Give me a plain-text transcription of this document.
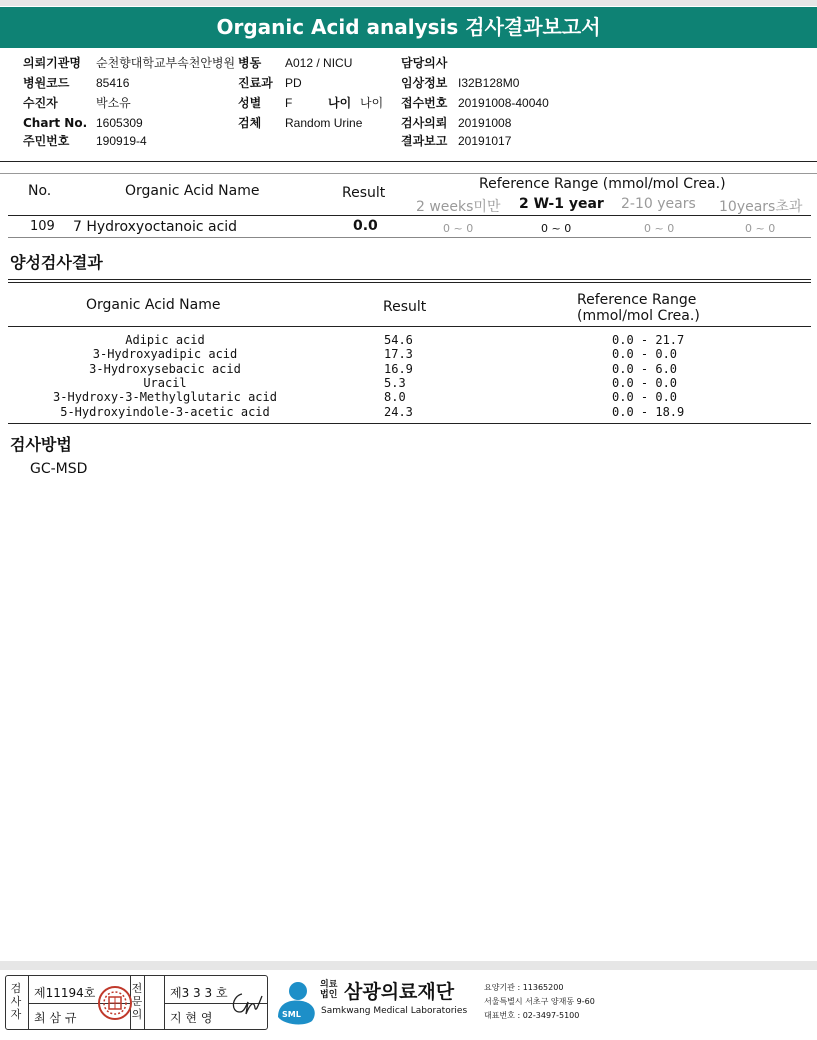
Organic Acid analysis 검사결과보고서
의뢰기관명 순천향대학교부속천안병원 병동 A012 / NICU	담당의사
병원코드 85416	진료과 PD	임상정보 I32B128M0
수진자	박소유	성별 F	나이 나이 접수번호 20191008-40040
Chart No. 1605309	검체 Random Urine	검사의뢰 20191008
주민번호 190919-4	결과보고 20191017
No.	Organic Acid Name	Result
Reference Range (mmol/mol Crea.)
2 weeks미만 2 W-1 year 2-10 years 10years초과
109 7 Hydroxyoctanoic acid	0.0	0 ~ 0	0 ~ 0	0 ~ 0	0 ~ 0
양성검사결과
Organic Acid Name	Result	Reference Range
(mmol/mol Crea.)
Adipic acid	54.6	0.0 - 21.7
3-Hydroxyadipic acid	17.3	0.0 - 0.0
3-Hydroxysebacic acid	16.9	0.0 - 6.0
Uracil	5.3	0.0 - 0.0
3-Hydroxy-3-Methylglutaric acid	8.0	0.0 - 0.0
5-Hydroxyindole-3-acetic acid	24.3	0.0 - 18.9
검사방법
GC-MSD
검사자
제11194호
최 삼 규
전문의
제3 3 3 호
지 현 영	SML
의료법인 삼광의료재단
Samkwang Medical Laboratories
요양기관 : 11365200
서울특별시 서초구 양재동 9-60
대표번호 : 02-3497-5100
